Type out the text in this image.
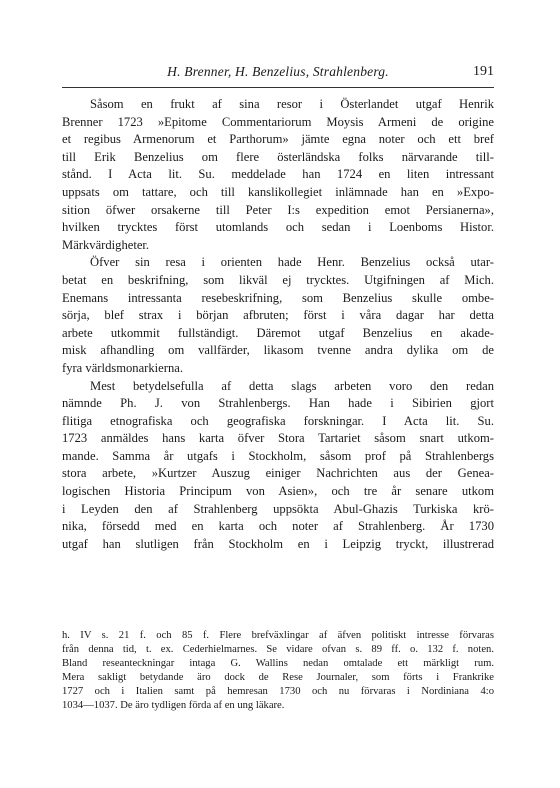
H. Brenner, H. Benzelius, Strahlenberg.	191
Såsom en frukt af sina resor i Österlandet utgaf Henrik
Brenner 1723 »Epitome Commentariorum Moysis Armeni de origine
et regibus Armenorum et Parthorum» jämte egna noter och ett bref
till Erik Benzelius om flere österländska folks närvarande till-
stånd. I Acta lit. Su. meddelade han 1724 en liten intressant
uppsats om tattare, och till kanslikollegiet inlämnade han en »Expo-
sition öfwer orsakerne till Peter I:s expedition emot Persianerna»,
hvilken trycktes först utomlands och sedan i Loenboms Histor.
Märkvärdigheter.
Öfver sin resa i orienten hade Henr. Benzelius också utar-
betat en beskrifning, som likväl ej trycktes. Utgifningen af Mich.
Enemans intressanta resebeskrifning, som Benzelius skulle ombe-
sörja, blef strax i början afbruten; först i våra dagar har detta
arbete utkommit fullständigt. Däremot utgaf Benzelius en akade-
misk afhandling om vallfärder, likasom tvenne andra dylika om de
fyra världsmonarkierna.
Mest betydelsefulla af detta slags arbeten voro den redan
nämnde Ph. J. von Strahlenbergs. Han hade i Sibirien gjort
flitiga etnografiska och geografiska forskningar. I Acta lit. Su.
1723 anmäldes hans karta öfver Stora Tartariet såsom snart utkom-
mande. Samma år utgafs i Stockholm, såsom prof på Strahlenbergs
stora arbete, »Kurtzer Auszug einiger Nachrichten aus der Genea-
logischen Historia Principum von Asien», och tre år senare utkom
i Leyden den af Strahlenberg uppsökta Abul-Ghazis Turkiska krö-
nika, försedd med en karta och noter af Strahlenberg. År 1730
utgaf han slutligen från Stockholm en i Leipzig tryckt, illustrerad
h. IV s. 21 f. och 85 f. Flere brefväxlingar af äfven politiskt intresse förvaras
från denna tid, t. ex. Cederhielmarnes. Se vidare ofvan s. 89 ff. o. 132 f. noten.
Bland reseanteckningar intaga G. Wallins nedan omtalade ett märkligt rum.
Mera sakligt betydande äro dock de Rese Journaler, som förts i Frankrike
1727 och i Italien samt på hemresan 1730 och nu förvaras i Nordiniana 4:o
1034—1037. De äro tydligen förda af en ung läkare.
